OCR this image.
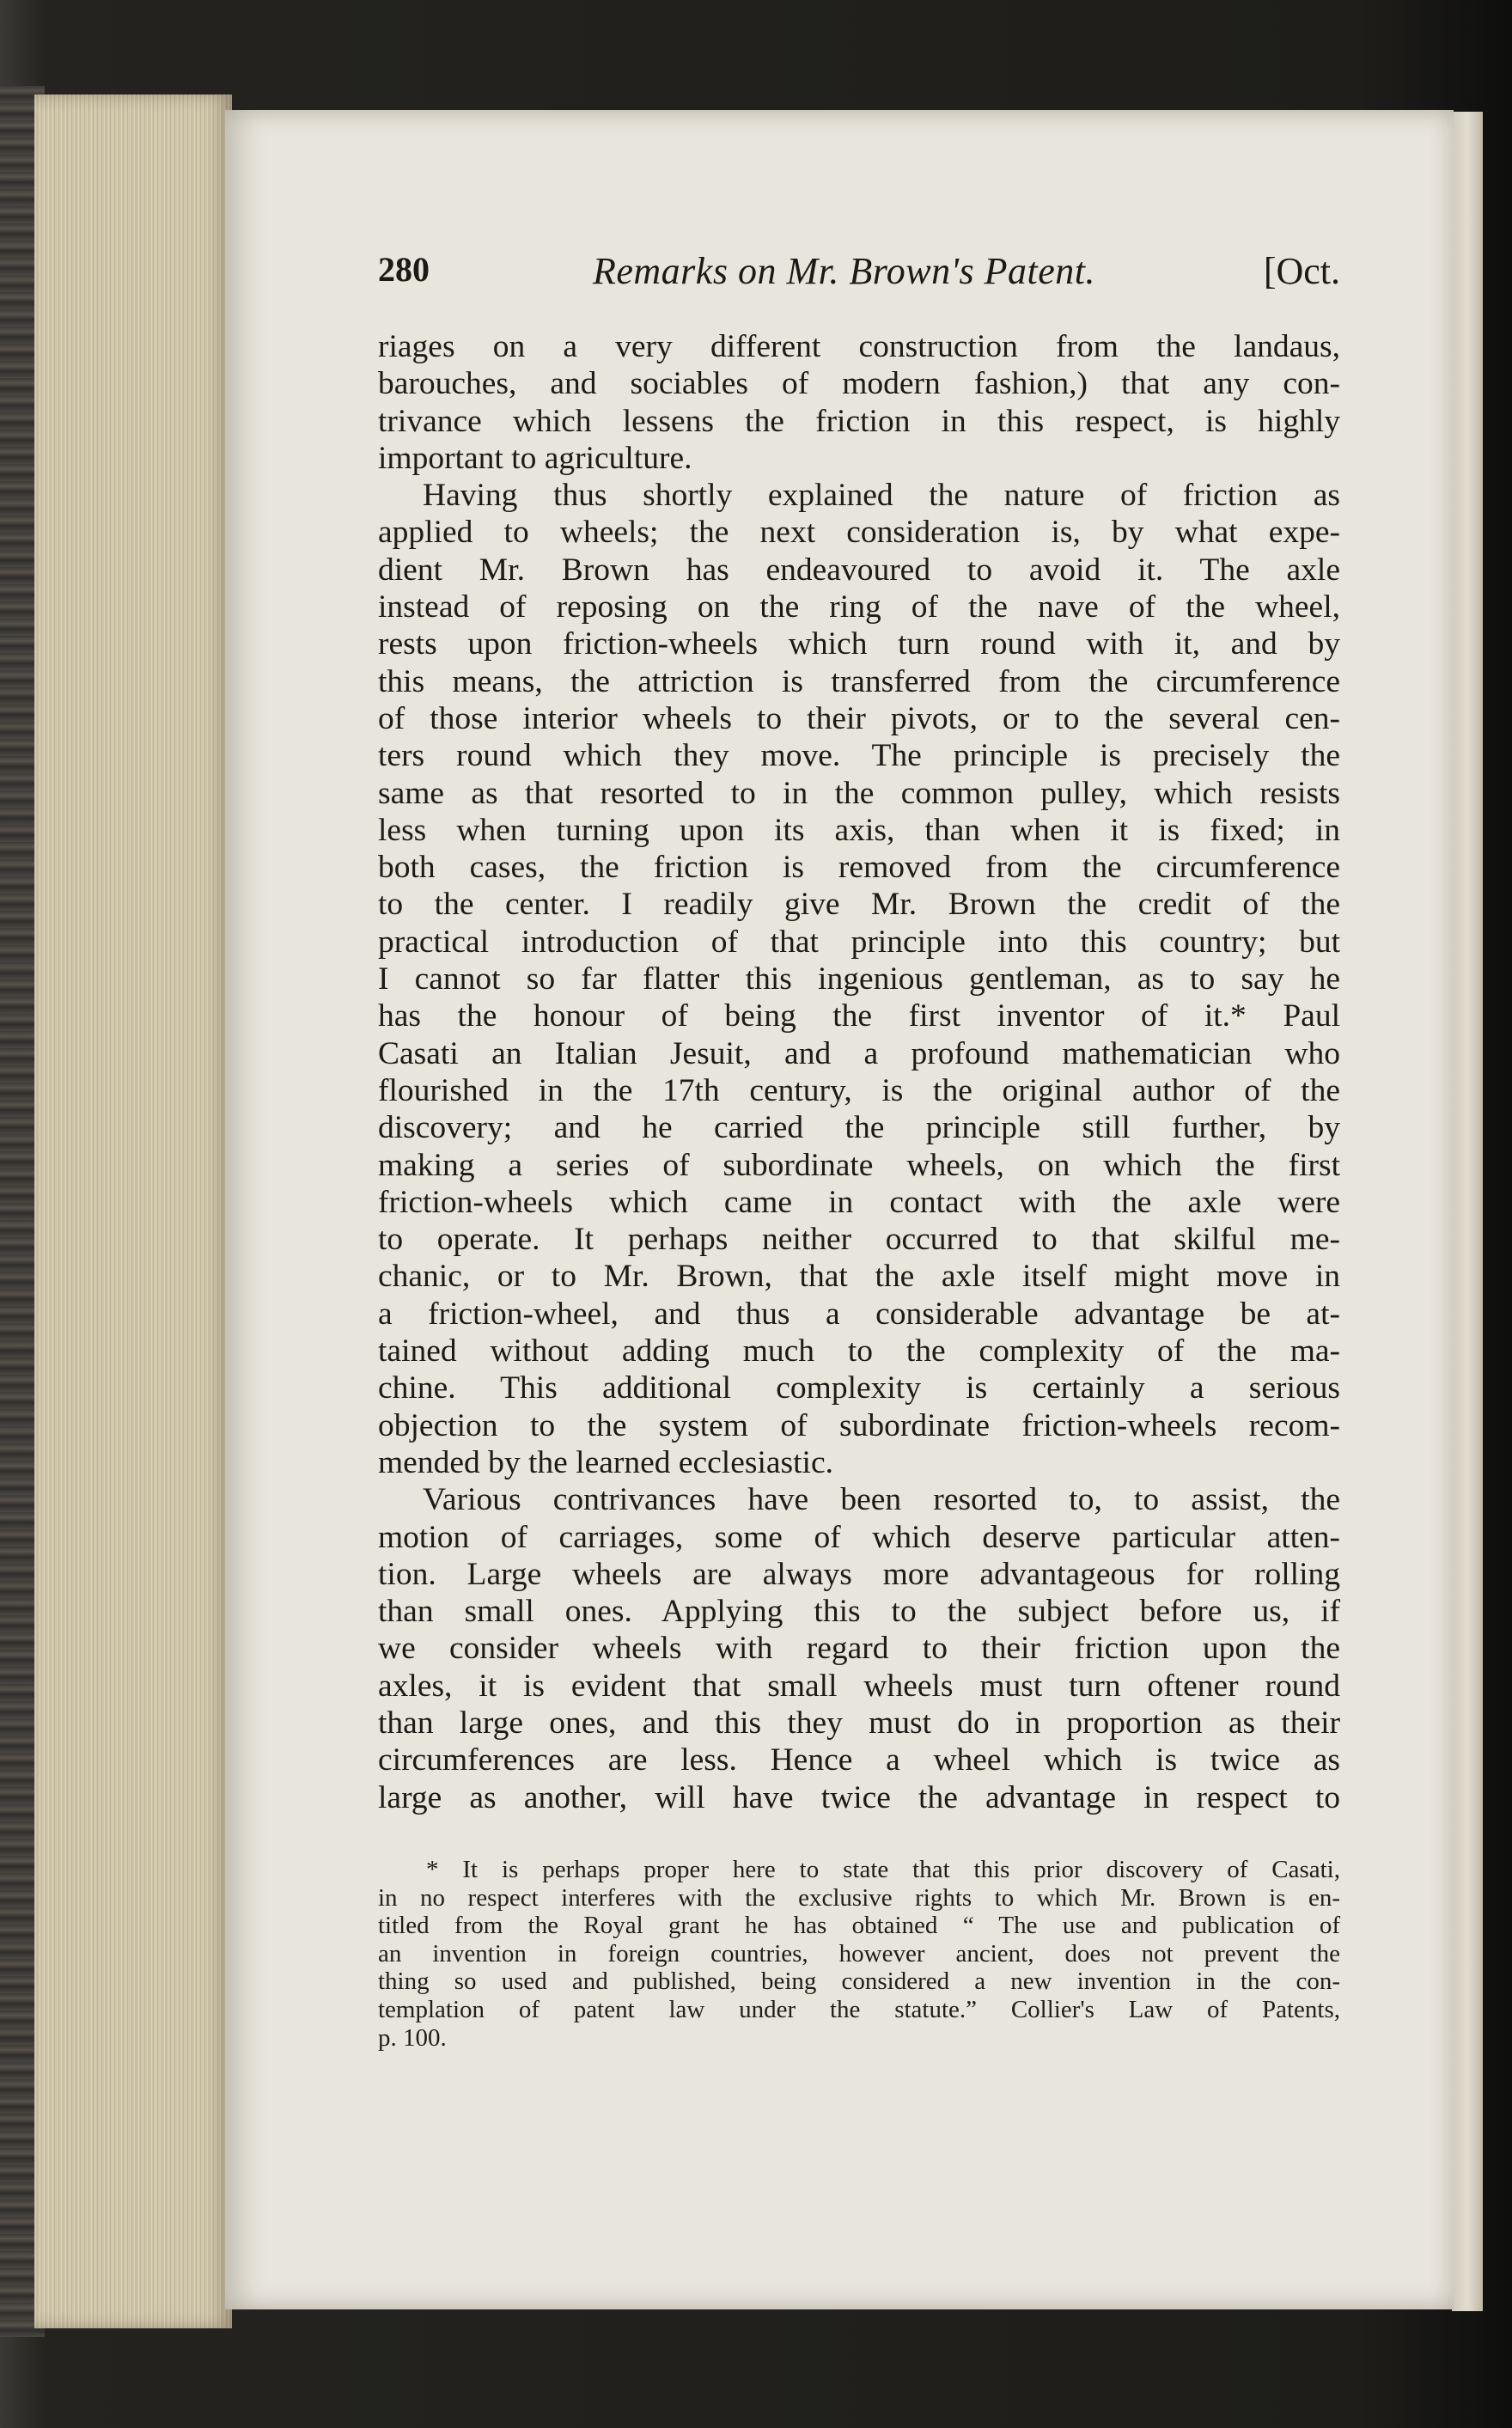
280	Remarks on Mr. Brown's Patent.	[Oct.
riages on a very different construction from the landaus,
barouches, and sociables of modern fashion,) that any con-
trivance which lessens the friction in this respect, is highly
important to agriculture.
Having thus shortly explained the nature of friction as
applied to wheels; the next consideration is, by what expe-
dient Mr. Brown has endeavoured to avoid it. The axle
instead of reposing on the ring of the nave of the wheel,
rests upon friction-wheels which turn round with it, and by
this means, the attriction is transferred from the circumference
of those interior wheels to their pivots, or to the several cen-
ters round which they move. The principle is precisely the
same as that resorted to in the common pulley, which resists
less when turning upon its axis, than when it is fixed; in
both cases, the friction is removed from the circumference
to the center. I readily give Mr. Brown the credit of the
practical introduction of that principle into this country; but
I cannot so far flatter this ingenious gentleman, as to say he
has the honour of being the first inventor of it.* Paul
Casati an Italian Jesuit, and a profound mathematician who
flourished in the 17th century, is the original author of the
discovery; and he carried the principle still further, by
making a series of subordinate wheels, on which the first
friction-wheels which came in contact with the axle were
to operate. It perhaps neither occurred to that skilful me-
chanic, or to Mr. Brown, that the axle itself might move in
a friction-wheel, and thus a considerable advantage be at-
tained without adding much to the complexity of the ma-
chine. This additional complexity is certainly a serious
objection to the system of subordinate friction-wheels recom-
mended by the learned ecclesiastic.
Various contrivances have been resorted to, to assist, the
motion of carriages, some of which deserve particular atten-
tion. Large wheels are always more advantageous for rolling
than small ones. Applying this to the subject before us, if
we consider wheels with regard to their friction upon the
axles, it is evident that small wheels must turn oftener round
than large ones, and this they must do in proportion as their
circumferences are less. Hence a wheel which is twice as
large as another, will have twice the advantage in respect to
* It is perhaps proper here to state that this prior discovery of Casati,
in no respect interferes with the exclusive rights to which Mr. Brown is en-
titled from the Royal grant he has obtained “ The use and publication of
an invention in foreign countries, however ancient, does not prevent the
thing so used and published, being considered a new invention in the con-
templation of patent law under the statute.” Collier's Law of Patents,
p. 100.
